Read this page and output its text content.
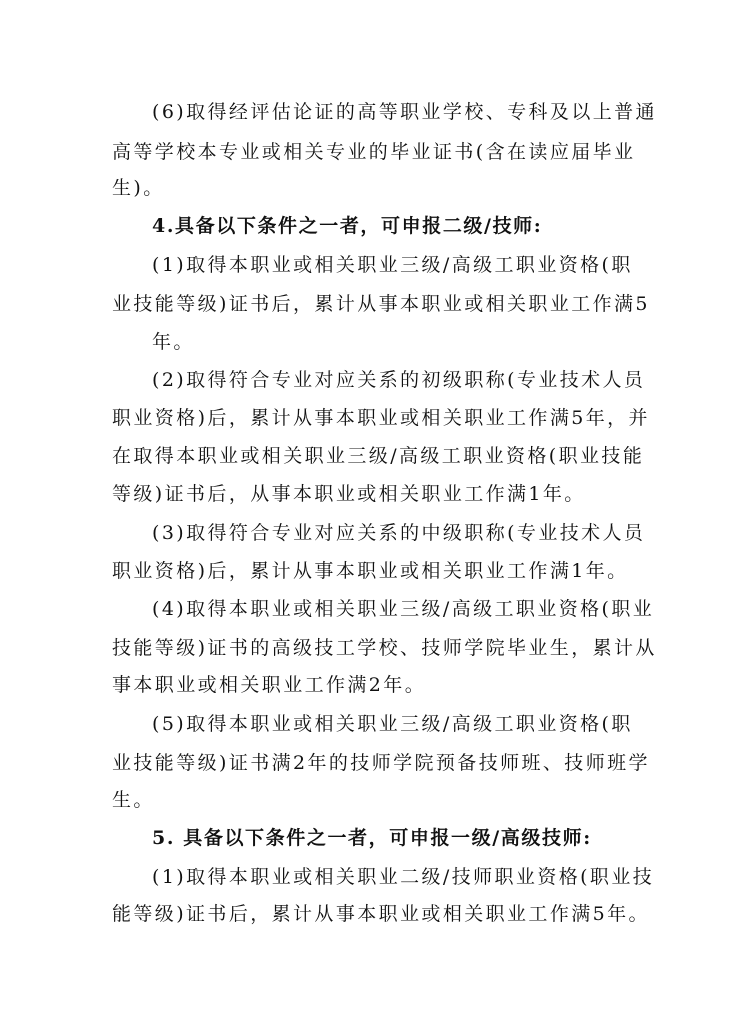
(6)取得经评估论证的高等职业学校、专科及以上普通
高等学校本专业或相关专业的毕业证书(含在读应届毕业
生)。
4.具备以下条件之一者，可申报二级/技师:
(1)取得本职业或相关职业三级/高级工职业资格(职
业技能等级)证书后，累计从事本职业或相关职业工作满5
年。
(2)取得符合专业对应关系的初级职称(专业技术人员
职业资格)后，累计从事本职业或相关职业工作满5年，并
在取得本职业或相关职业三级/高级工职业资格(职业技能
等级)证书后，从事本职业或相关职业工作满1年。
(3)取得符合专业对应关系的中级职称(专业技术人员
职业资格)后，累计从事本职业或相关职业工作满1年。
(4)取得本职业或相关职业三级/高级工职业资格(职业
技能等级)证书的高级技工学校、技师学院毕业生，累计从
事本职业或相关职业工作满2年。
(5)取得本职业或相关职业三级/高级工职业资格(职
业技能等级)证书满2年的技师学院预备技师班、技师班学
生。
5. 具备以下条件之一者，可申报一级/高级技师:
(1)取得本职业或相关职业二级/技师职业资格(职业技
能等级)证书后，累计从事本职业或相关职业工作满5年。
